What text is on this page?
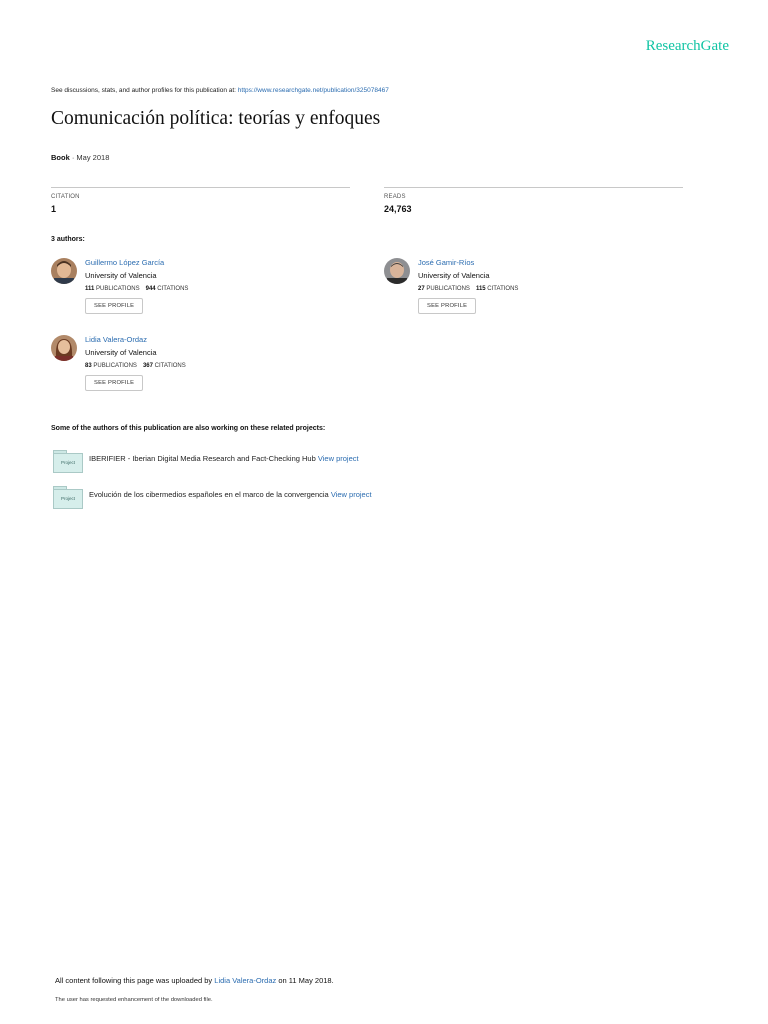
ResearchGate
See discussions, stats, and author profiles for this publication at: https://www.researchgate.net/publication/325078467
Comunicación política: teorías y enfoques
Book · May 2018
CITATION
1
READS
24,763
3 authors:
Guillermo López García
University of Valencia
111 PUBLICATIONS 944 CITATIONS
SEE PROFILE
José Gamir-Ríos
University of Valencia
27 PUBLICATIONS 115 CITATIONS
SEE PROFILE
Lidia Valera-Ordaz
University of Valencia
83 PUBLICATIONS 367 CITATIONS
SEE PROFILE
Some of the authors of this publication are also working on these related projects:
Project	IBERIFIER - Iberian Digital Media Research and Fact-Checking Hub View project
Project	Evolución de los cibermedios españoles en el marco de la convergencia View project
All content following this page was uploaded by Lidia Valera-Ordaz on 11 May 2018.
The user has requested enhancement of the downloaded file.
